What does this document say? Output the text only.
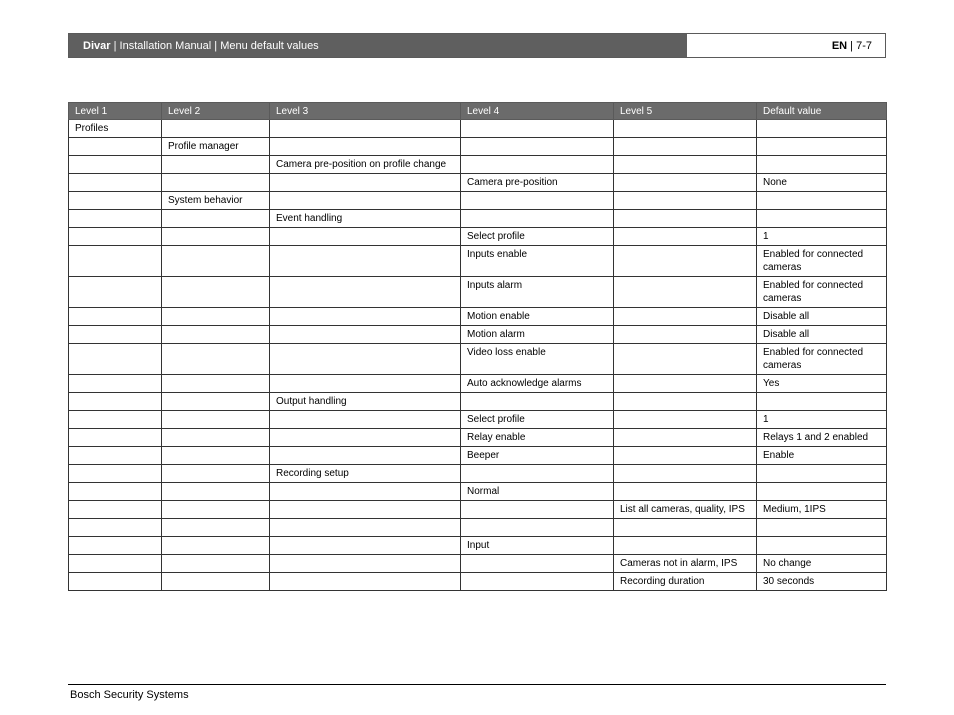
Divar | Installation Manual | Menu default values	EN | 7-7
Level 1	Level 2	Level 3	Level 4	Level 5	Default value
Profiles					
	Profile manager				
		Camera pre-position on profile change			
			Camera pre-position		None
	System behavior				
		Event handling			
			Select profile		1
			Inputs enable		Enabled for connected cameras
			Inputs alarm		Enabled for connected cameras
			Motion enable		Disable all
			Motion alarm		Disable all
			Video loss enable		Enabled for connected cameras
			Auto acknowledge alarms		Yes
		Output handling			
			Select profile		1
			Relay enable		Relays 1 and 2 enabled
			Beeper		Enable
		Recording setup			
			Normal		
				List all cameras, quality, IPS	Medium, 1IPS

			Input		
				Cameras not in alarm, IPS	No change
				Recording duration	30 seconds
Bosch Security Systems
